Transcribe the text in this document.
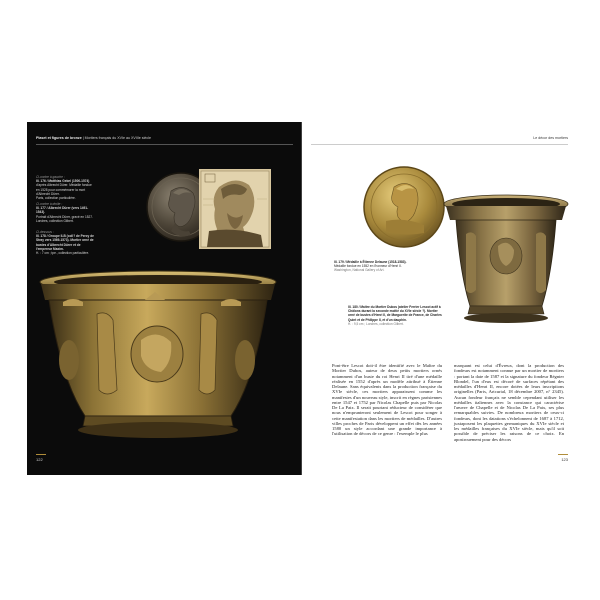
Plaset et figures de bronze | Mortiers français du XVIe au XVIIIe siècle
Ci-contre à gauche :
Ill. 176 / Matthias Gebel (1500-1574)
d'après Albrecht Dürer. Médaille fondue en 1528 pour commémorer la mort d'Albrecht Dürer.
Paris, collection particulière.
Ci-contre à droite :
Ill. 177 / Albrecht Dürer (vers 1491-1543).
Portrait d'Albrecht Dürer, gravé en 1527.
Londres, collection Gilbert.
Ci-dessous :
Ill. 178 / Groupe II-B (coll? de Percy de Stray vers 1569-1573). Mortier orné de bustes d'Albrecht Dürer et de l'empereur Maxim.
H. : 7 cm ; tpe., collection particulière.
122
Le décor des mortiers
Ill. 179 / Médaille à Étienne Delaune (1518-1583).
Médaille fondue en 1552 en l'honneur d'Henri II.
Washington, National Gallery of Art.
Ill. 180 / Maître du Mortier Dubos (atelier Ferrier Lescot actif à Châlons durant la seconde moitié du XVIe siècle ?). Mortier orné de bustes d'Henri II, de Marguerite de France, de Charles Quint et de Philippe II, et d'un dauphin.
H. : 9,5 cm ; Londres, collection Gilbert.
Pont-être Lescot doit-il être identifié avec le Maître du Mortier Dubos, auteur de deux petits mortiers ornés notamment d'un buste du roi Henri II tiré d'une médaille réalisée en 1552 d'après un modèle attribué à Étienne Delaune. Sans équivalents dans la production française du XVIe siècle, ces mortiers apparaissent comme les manifestes d'un nouveau style, inscrit en règnes parisiennes entre 1547 et 1752 par Nicolas Chapelle puis par Nicolas De La Paix. Il serait pourtant réducteur de considérer que nous n'emprunteront seulement de Lescot pour songer à cette manifestation dans les mortiers de médailles. D'autres villes proches de Paris développent un effet dès les années 1580 un style accordant une grande importance à l'utilisation de décors de ce genre : l'exemple le plus
marquant est celui d'Évreux, dont la production des fondeurs est notamment connue par un mortier de mortiers : portant la date de 1587 et la signature du fondeur Régnier Blondel, l'un d'eux est décoré de surfaces répétant des médailles d'Henri II, encore dotées de leurs inscriptions originelles (Paris, Artcurial, 18 décembre 2007, n° 2345). Aucun fondeur français ne semble cependant utiliser les médailles italiennes avec la constance qui caractérise l'œuvre de Chapelle et de Nicolas De La Paix, ses plus remarquables suivies. De nombreux mortiers de ceux-ci fondeurs, dont les datations s'échelonnent de 1687 à 1712, juxtaposent les plaquettes germaniques du XVIe siècle et les médailles françaises du XVIe siècle, mais qu'il soit possible de préciser les raisons de ce choix. En apostrouement pour des décors
123
